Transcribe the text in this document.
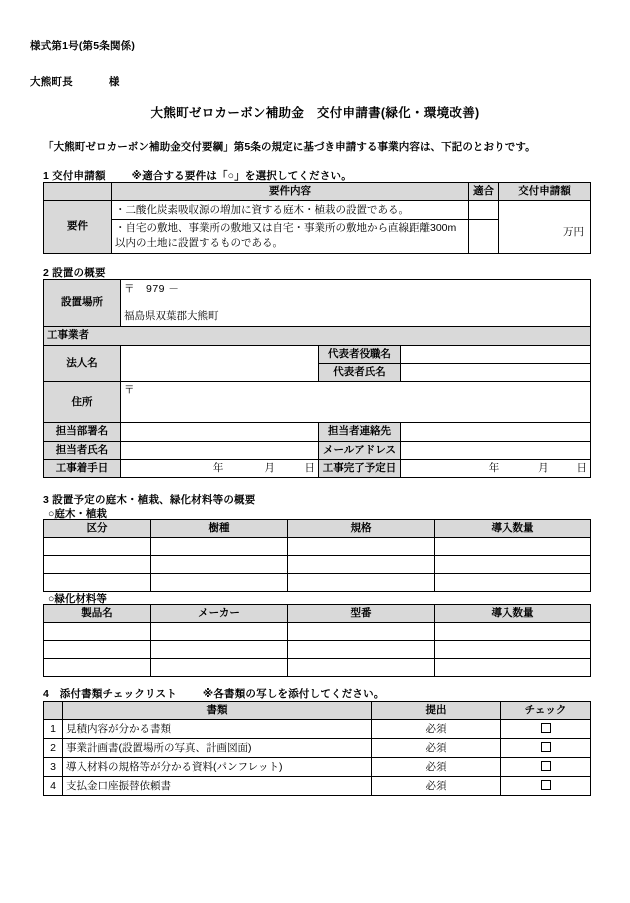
様式第1号(第5条関係)
大熊町長	様
大熊町ゼロカーボン補助金　交付申請書(緑化・環境改善)
「大熊町ゼロカーボン補助金交付要綱」第5条の規定に基づき申請する事業内容は、下記のとおりです。
1 交付申請額 ※適合する要件は「○」を選択してください。
	要件内容	適合	交付申請額
要件	・二酸化炭素吸収源の増加に資する庭木・植栽の設置である。		万円
	・自宅の敷地、事業所の敷地又は自宅・事業所の敷地から直線距離300m以内の土地に設置するものである。		
2 設置の概要
設置場所	〒　979 －
福島県双葉郡大熊町		

工事業者			
法人名		代表者役職名	
		代表者氏名	
住所	〒		
担当部署名		担当者連絡先	
担当者氏名		メールアドレス	
工事着手日	年 月 日	工事完了予定日	年 月 日
3 設置予定の庭木・植栽、緑化材料等の概要
○庭木・植栽
区分	樹種	規格	導入数量

○緑化材料等
製品名	メーカー	型番	導入数量

4　添付書類チェックリスト ※各書類の写しを添付してください。
	書類	提出	チェック
1	見積内容が分かる書類	必須	
2	事業計画書(設置場所の写真、計画図面)	必須	
3	導入材料の規格等が分かる資料(パンフレット)	必須	
4	支払金口座振替依頼書	必須	
